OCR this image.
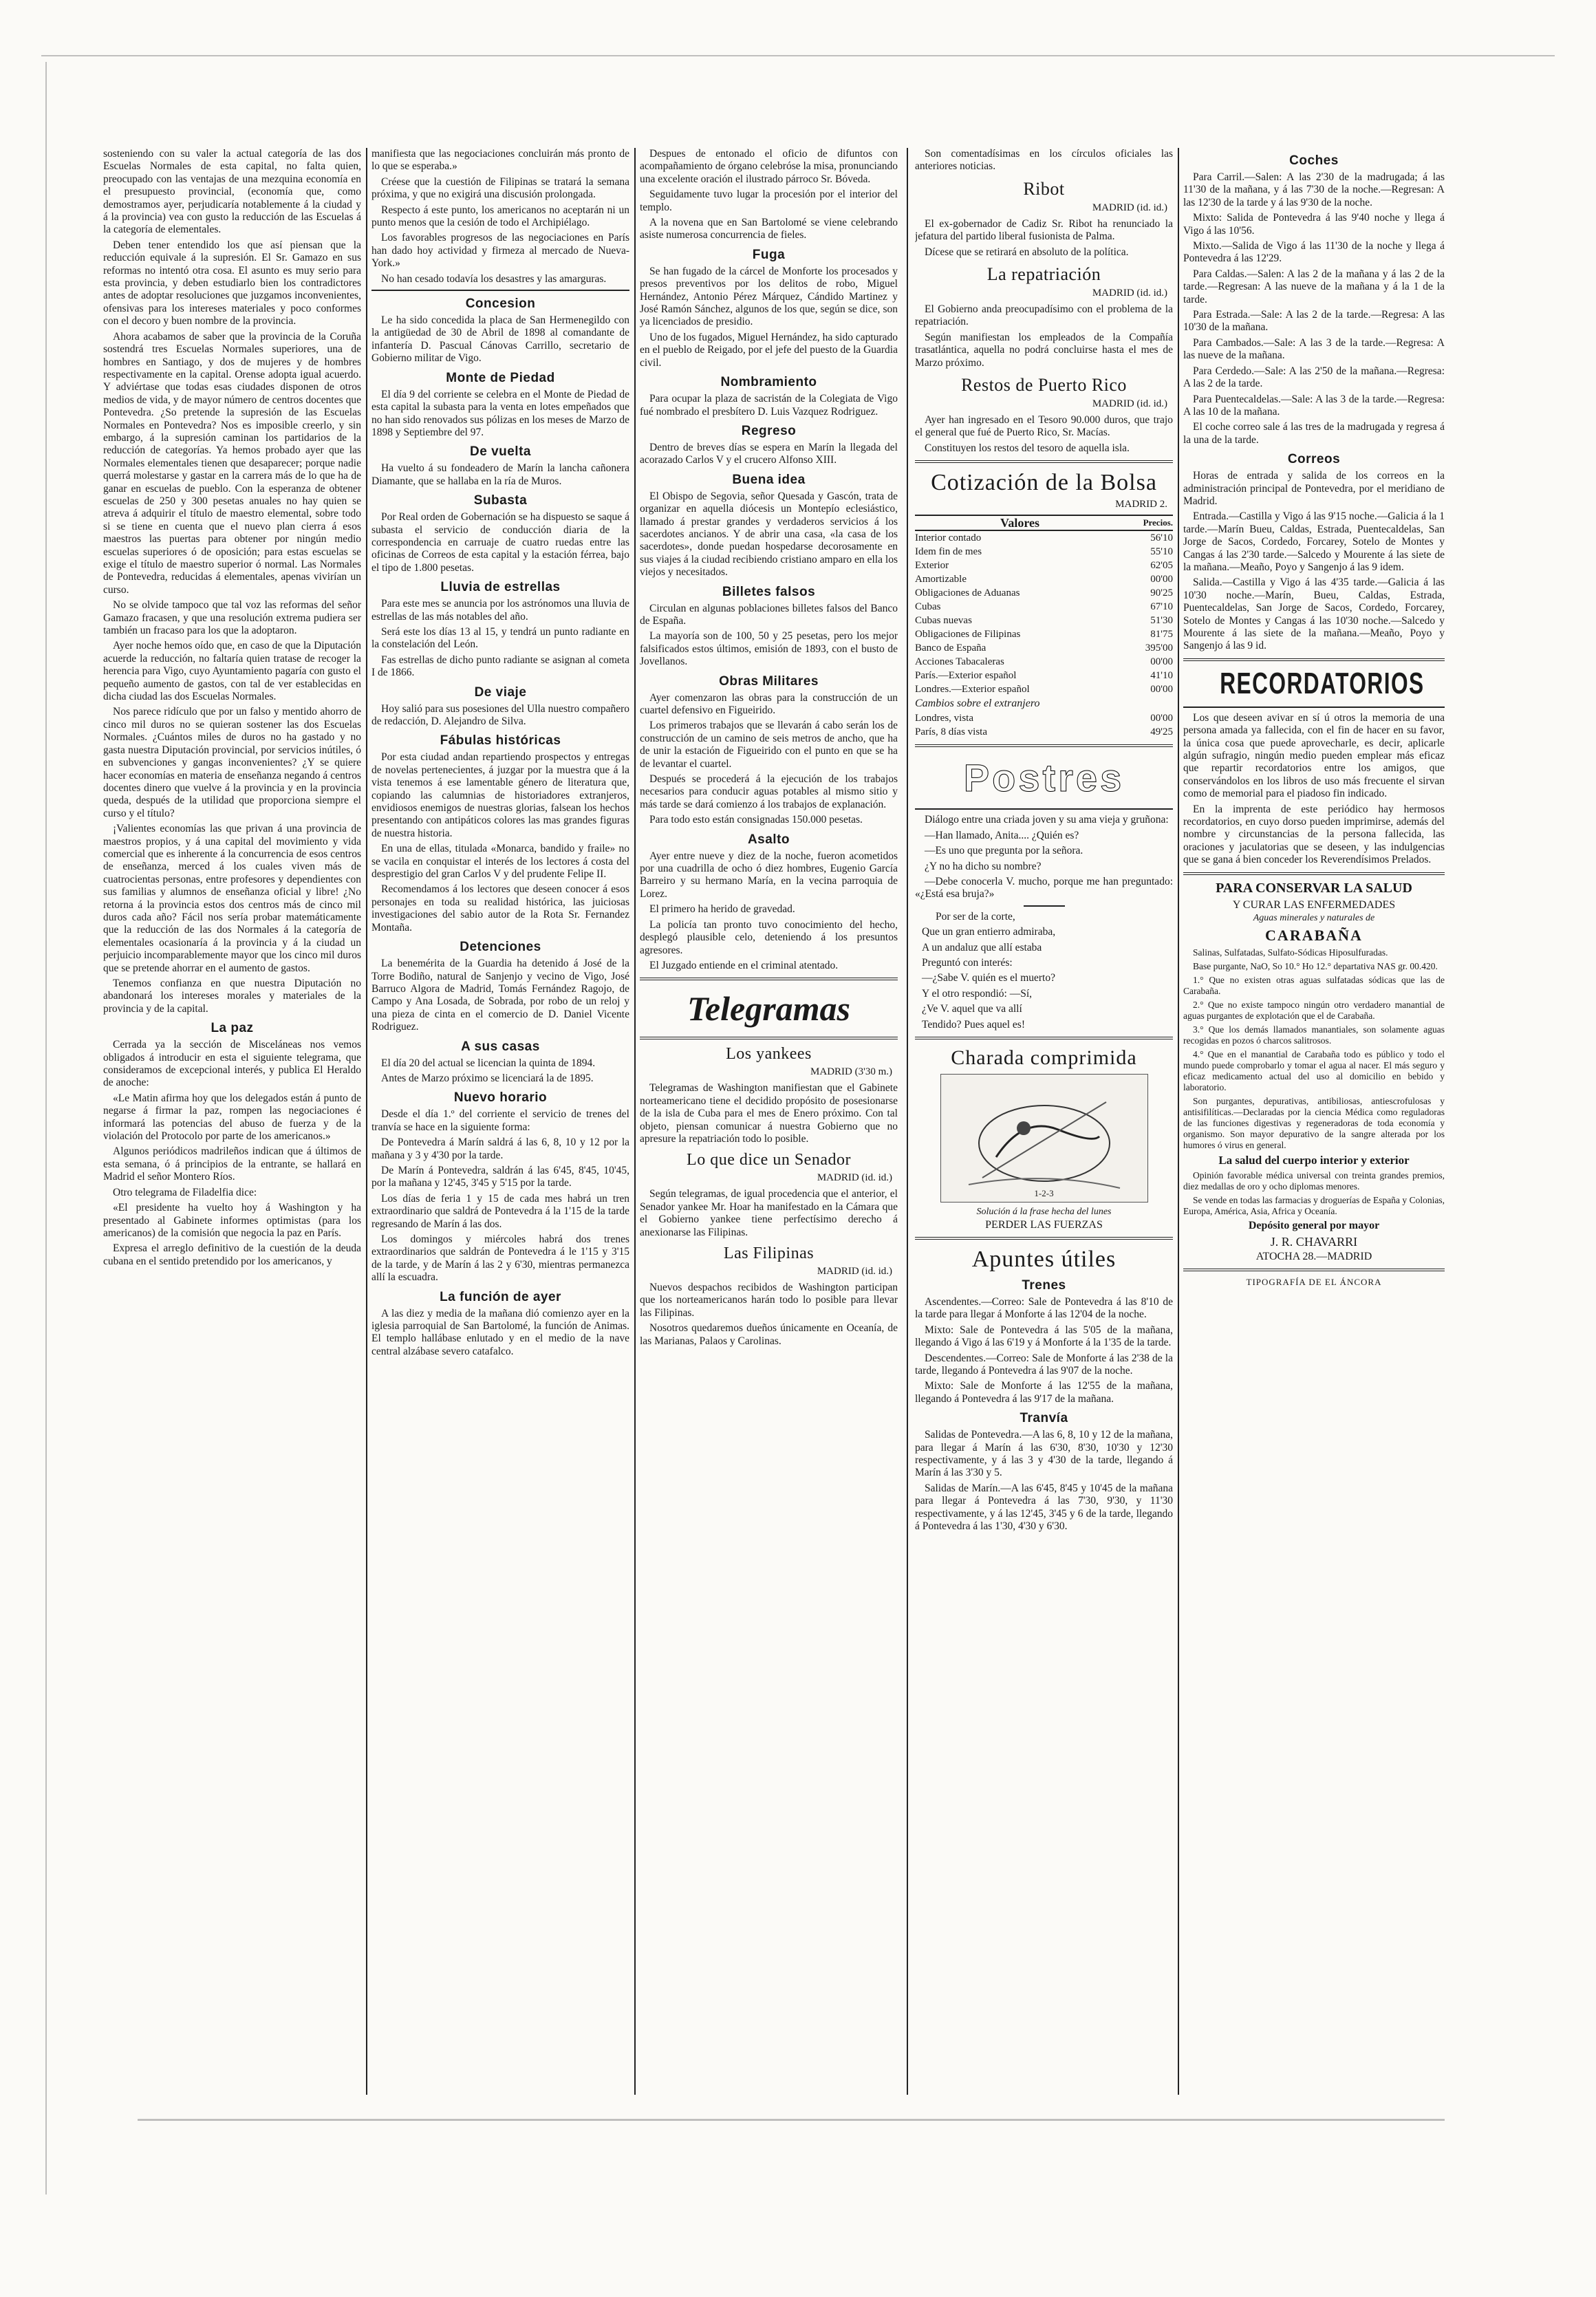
sosteniendo con su valer la actual categoría de las dos Escuelas Normales de esta capital, no falta quien, preocupado con las ventajas de una mezquina economía en el presupuesto provincial, (economía que, como demostramos ayer, perjudicaría notablemente á la ciudad y á la provincia) vea con gusto la reducción de las Escuelas á la categoría de elementales.

Deben tener entendido los que así piensan que la reducción equivale á la supresión. El Sr. Gamazo en sus reformas no intentó otra cosa. El asunto es muy serio para esta provincia, y deben estudiarlo bien los contradictores antes de adoptar resoluciones que juzgamos inconvenientes, ofensivas para los intereses materiales y poco conformes con el decoro y buen nombre de la provincia.

Ahora acabamos de saber que la provincia de la Coruña sostendrá tres Escuelas Normales superiores, una de hombres en Santiago, y dos de mujeres y de hombres respectivamente en la capital. Orense adopta igual acuerdo. Y adviértase que todas esas ciudades disponen de otros medios de vida, y de mayor número de centros docentes que Pontevedra. ¿So pretende la supresión de las Escuelas Normales en Pontevedra? Nos es imposible creerlo, y sin embargo, á la supresión caminan los partidarios de la reducción de categorías. Ya hemos probado ayer que las Normales elementales tienen que desaparecer; porque nadie querrá molestarse y gastar en la carrera más de lo que ha de ganar en escuelas de pueblo. Con la esperanza de obtener escuelas de 250 y 300 pesetas anuales no hay quien se atreva á adquirir el título de maestro elemental, sobre todo si se tiene en cuenta que el nuevo plan cierra á esos maestros las puertas para obtener por ningún medio escuelas superiores ó de oposición; para estas escuelas se exige el título de maestro superior ó normal. Las Normales de Pontevedra, reducidas á elementales, apenas vivirían un curso.

No se olvide tampoco que tal voz las reformas del señor Gamazo fracasen, y que una resolución extrema pudiera ser también un fracaso para los que la adoptaron.

Ayer noche hemos oído que, en caso de que la Diputación acuerde la reducción, no faltaría quien tratase de recoger la herencia para Vigo, cuyo Ayuntamiento pagaría con gusto el pequeño aumento de gastos, con tal de ver establecidas en dicha ciudad las dos Escuelas Normales.

Nos parece ridículo que por un falso y mentido ahorro de cinco mil duros no se quieran sostener las dos Escuelas Normales. ¿Cuántos miles de duros no ha gastado y no gasta nuestra Diputación provincial, por servicios inútiles, ó en subvenciones y gangas inconvenientes? ¿Y se quiere hacer economías en materia de enseñanza negando á centros docentes dinero que vuelve á la provincia y en la provincia queda, después de la utilidad que proporciona siempre el curso y el título?

¡Valientes economías las que privan á una provincia de maestros propios, y á una capital del movimiento y vida comercial que es inherente á la concurrencia de esos centros de enseñanza, merced á los cuales viven más de cuatrocientas personas, entre profesores y dependientes con sus familias y alumnos de enseñanza oficial y libre! ¿No retorna á la provincia estos dos centros más de cinco mil duros cada año? Fácil nos sería probar matemáticamente que la reducción de las dos Normales á la categoría de elementales ocasionaría á la provincia y á la ciudad un perjuicio incomparablemente mayor que los cinco mil duros que se pretende ahorrar en el aumento de gastos.

Tenemos confianza en que nuestra Diputación no abandonará los intereses morales y materiales de la provincia y de la capital.

La paz

Cerrada ya la sección de Misceláneas nos vemos obligados á introducir en esta el siguiente telegrama, que consideramos de excepcional interés, y publica El Heraldo de anoche:

«Le Matin afirma hoy que los delegados están á punto de negarse á firmar la paz, rompen las negociaciones é informará las potencias del abuso de fuerza y de la violación del Protocolo por parte de los americanos.»

Algunos periódicos madrileños indican que á últimos de esta semana, ó á principios de la entrante, se hallará en Madrid el señor Montero Ríos.

Otro telegrama de Filadelfia dice:

«El presidente ha vuelto hoy á Washington y ha presentado al Gabinete informes optimistas (para los americanos) de la comisión que negocia la paz en París.

Expresa el arreglo definitivo de la cuestión de la deuda cubana en el sentido pretendido por los americanos, y

manifiesta que las negociaciones concluirán más pronto de lo que se esperaba.»

Créese que la cuestión de Filipinas se tratará la semana próxima, y que no exigirá una discusión prolongada.

Respecto á este punto, los americanos no aceptarán ni un punto menos que la cesión de todo el Archipiélago.

Los favorables progresos de las negociaciones en París han dado hoy actividad y firmeza al mercado de Nueva-York.»

No han cesado todavía los desastres y las amarguras.

Concesion

Le ha sido concedida la placa de San Hermenegildo con la antigüedad de 30 de Abril de 1898 al comandante de infantería D. Pascual Cánovas Carrillo, secretario de Gobierno militar de Vigo.

Monte de Piedad

El día 9 del corriente se celebra en el Monte de Piedad de esta capital la subasta para la venta en lotes empeñados que no han sido renovados sus pólizas en los meses de Marzo de 1898 y Septiembre del 97.

De vuelta

Ha vuelto á su fondeadero de Marín la lancha cañonera Diamante, que se hallaba en la ría de Muros.

Subasta

Por Real orden de Gobernación se ha dispuesto se saque á subasta el servicio de conducción diaria de la correspondencia en carruaje de cuatro ruedas entre las oficinas de Correos de esta capital y la estación férrea, bajo el tipo de 1.800 pesetas.

Lluvia de estrellas

Para este mes se anuncia por los astrónomos una lluvia de estrellas de las más notables del año.

Será este los días 13 al 15, y tendrá un punto radiante en la constelación del León.

Fas estrellas de dicho punto radiante se asignan al cometa I de 1866.

De viaje

Hoy salió para sus posesiones del Ulla nuestro compañero de redacción, D. Alejandro de Silva.

Fábulas históricas

Por esta ciudad andan repartiendo prospectos y entregas de novelas pertenecientes, á juzgar por la muestra que á la vista tenemos á ese lamentable género de literatura que, copiando las calumnias de historiadores extranjeros, envidiosos enemigos de nuestras glorias, falsean los hechos presentando con antipáticos colores las mas grandes figuras de nuestra historia.

En una de ellas, titulada «Monarca, bandido y fraile» no se vacila en conquistar el interés de los lectores á costa del desprestigio del gran Carlos V y del prudente Felipe II.

Recomendamos á los lectores que deseen conocer á esos personajes en toda su realidad histórica, las juiciosas investigaciones del sabio autor de la Rota Sr. Fernandez Montaña.

Detenciones

La benemérita de la Guardia ha detenido á José de la Torre Bodiño, natural de Sanjenjo y vecino de Vigo, José Barruco Algora de Madrid, Tomás Fernández Ragojo, de Campo y Ana Losada, de Sobrada, por robo de un reloj y una pieza de cinta en el comercio de D. Daniel Vicente Rodriguez.

A sus casas

El día 20 del actual se licencian la quinta de 1894.

Antes de Marzo próximo se licenciará la de 1895.

Nuevo horario

Desde el día 1.º del corriente el servicio de trenes del tranvía se hace en la siguiente forma:

De Pontevedra á Marín saldrá á las 6, 8, 10 y 12 por la mañana y 3 y 4'30 por la tarde.

De Marín á Pontevedra, saldrán á las 6'45, 8'45, 10'45, por la mañana y 12'45, 3'45 y 5'15 por la tarde.

Los días de feria 1 y 15 de cada mes habrá un tren extraordinario que saldrá de Pontevedra á la 1'15 de la tarde regresando de Marín á las dos.

Los domingos y miércoles habrá dos trenes extraordinarios que saldrán de Pontevedra á le 1'15 y 3'15 de la tarde, y de Marín á las 2 y 6'30, mientras permanezca allí la escuadra.

La función de ayer

A las diez y media de la mañana dió comienzo ayer en la iglesia parroquial de San Bartolomé, la función de Animas. El templo hallábase enlutado y en el medio de la nave central alzábase severo catafalco.

Despues de entonado el oficio de difuntos con acompañamiento de órgano celebróse la misa, pronunciando una excelente oración el ilustrado párroco Sr. Bóveda.

Seguidamente tuvo lugar la procesión por el interior del templo.

A la novena que en San Bartolomé se viene celebrando asiste numerosa concurrencia de fieles.

Fuga

Se han fugado de la cárcel de Monforte los procesados y presos preventivos por los delitos de robo, Miguel Hernández, Antonio Pérez Márquez, Cándido Martinez y José Ramón Sánchez, algunos de los que, según se dice, son ya licenciados de presidio.

Uno de los fugados, Miguel Hernández, ha sido capturado en el pueblo de Reigado, por el jefe del puesto de la Guardia civil.

Nombramiento

Para ocupar la plaza de sacristán de la Colegiata de Vigo fué nombrado el presbítero D. Luis Vazquez Rodriguez.

Regreso

Dentro de breves días se espera en Marín la llegada del acorazado Carlos V y el crucero Alfonso XIII.

Buena idea

El Obispo de Segovia, señor Quesada y Gascón, trata de organizar en aquella diócesis un Montepío eclesiástico, llamado á prestar grandes y verdaderos servicios á los sacerdotes ancianos. Y de abrir una casa, «la casa de los sacerdotes», donde puedan hospedarse decorosamente en sus viajes á la ciudad recibiendo cristiano amparo en ella los viejos y necesitados.

Billetes falsos

Circulan en algunas poblaciones billetes falsos del Banco de España.

La mayoría son de 100, 50 y 25 pesetas, pero los mejor falsificados estos últimos, emisión de 1893, con el busto de Jovellanos.

Obras Militares

Ayer comenzaron las obras para la construcción de un cuartel defensivo en Figueirido.

Los primeros trabajos que se llevarán á cabo serán los de construcción de un camino de seis metros de ancho, que ha de unir la estación de Figueirido con el punto en que se ha de levantar el cuartel.

Después se procederá á la ejecución de los trabajos necesarios para conducir aguas potables al mismo sitio y más tarde se dará comienzo á los trabajos de explanación.

Para todo esto están consignadas 150.000 pesetas.

Asalto

Ayer entre nueve y diez de la noche, fueron acometidos por una cuadrilla de ocho ó diez hombres, Eugenio García Barreiro y su hermano María, en la vecina parroquia de Lorez.

El primero ha herido de gravedad.

La policía tan pronto tuvo conocimiento del hecho, desplegó plausible celo, deteniendo á los presuntos agresores.

El Juzgado entiende en el criminal atentado.

Telegramas
Los yankees
MADRID (3'30 m.)

Telegramas de Washington manifiestan que el Gabinete norteamericano tiene el decidido propósito de posesionarse de la isla de Cuba para el mes de Enero próximo. Con tal objeto, piensan comunicar á nuestra Gobierno que no apresure la repatriación todo lo posible.

Lo que dice un Senador
MADRID (id. id.)

Según telegramas, de igual procedencia que el anterior, el Senador yankee Mr. Hoar ha manifestado en la Cámara que el Gobierno yankee tiene perfectísimo derecho á anexionarse las Filipinas.

Las Filipinas
MADRID (id. id.)

Nuevos despachos recibidos de Washington participan que los norteamericanos harán todo lo posible para llevar las Filipinas.

Nosotros quedaremos dueños únicamente en Oceanía, de las Marianas, Palaos y Carolinas.

Son comentadísimas en los círculos oficiales las anteriores noticias.

Ribot
MADRID (id. id.)

El ex-gobernador de Cadiz Sr. Ribot ha renunciado la jefatura del partido liberal fusionista de Palma.

Dícese que se retirará en absoluto de la política.

La repatriación
MADRID (id. id.)

El Gobierno anda preocupadísimo con el problema de la repatriación.

Según manifiestan los empleados de la Compañía trasatlántica, aquella no podrá concluirse hasta el mes de Marzo próximo.

Restos de Puerto Rico
MADRID (id. id.)

Ayer han ingresado en el Tesoro 90.000 duros, que trajo el general que fué de Puerto Rico, Sr. Macías.

Constituyen los restos del tesoro de aquella isla.

Cotización de la Bolsa
MADRID 2.
Valores	Precios.
Interior contado	56'10
Idem fin de mes	55'10
Exterior	62'05
Amortizable	00'00
Obligaciones de Aduanas	90'25
Cubas	67'10
Cubas nuevas	51'30
Obligaciones de Filipinas	81'75
Banco de España	395'00
Acciones Tabacaleras	00'00
París.—Exterior español	41'10
Londres.—Exterior español	00'00
Cambios sobre el extranjero
Londres, vista	00'00
París, 8 días vista	49'25
Postres

Diálogo entre una criada joven y su ama vieja y gruñona:

—Han llamado, Anita.... ¿Quién es?

—Es uno que pregunta por la señora.

¿Y no ha dicho su nombre?

—Debe conocerla V. mucho, porque me han preguntado: «¿Está esa bruja?»

Por ser de la corte,

Que un gran entierro admiraba,

A un andaluz que allí estaba

Preguntó con interés:

—¿Sabe V. quién es el muerto?

Y el otro respondió: —Sí,

¿Ve V. aquel que va allí

Tendido? Pues aquel es!

Charada comprimida
1-2-3
Solución á la frase hecha del lunes
PERDER LAS FUERZAS
Apuntes útiles
Trenes

Ascendentes.—Correo: Sale de Pontevedra á las 8'10 de la tarde para llegar á Monforte á las 12'04 de la noche.

Mixto: Sale de Pontevedra á las 5'05 de la mañana, llegando á Vigo á las 6'19 y á Monforte á la 1'35 de la tarde.

Descendentes.—Correo: Sale de Monforte á las 2'38 de la tarde, llegando á Pontevedra á las 9'07 de la noche.

Mixto: Sale de Monforte á las 12'55 de la mañana, llegando á Pontevedra á las 9'17 de la mañana.

Tranvía

Salidas de Pontevedra.—A las 6, 8, 10 y 12 de la mañana, para llegar á Marín á las 6'30, 8'30, 10'30 y 12'30 respectivamente, y á las 3 y 4'30 de la tarde, llegando á Marín á las 3'30 y 5.

Salidas de Marín.—A las 6'45, 8'45 y 10'45 de la mañana para llegar á Pontevedra á las 7'30, 9'30, y 11'30 respectivamente, y á las 12'45, 3'45 y 6 de la tarde, llegando á Pontevedra á las 1'30, 4'30 y 6'30.

Coches

Para Carril.—Salen: A las 2'30 de la madrugada; á las 11'30 de la mañana, y á las 7'30 de la noche.—Regresan: A las 12'30 de la tarde y á las 9'30 de la noche.

Mixto: Salida de Pontevedra á las 9'40 noche y llega á Vigo á las 10'56.

Mixto.—Salida de Vigo á las 11'30 de la noche y llega á Pontevedra á las 12'29.

Para Caldas.—Salen: A las 2 de la mañana y á las 2 de la tarde.—Regresan: A las nueve de la mañana y á la 1 de la tarde.

Para Estrada.—Sale: A las 2 de la tarde.—Regresa: A las 10'30 de la mañana.

Para Cambados.—Sale: A las 3 de la tarde.—Regresa: A las nueve de la mañana.

Para Cerdedo.—Sale: A las 2'50 de la mañana.—Regresa: A las 2 de la tarde.

Para Puentecaldelas.—Sale: A las 3 de la tarde.—Regresa: A las 10 de la mañana.

El coche correo sale á las tres de la madrugada y regresa á la una de la tarde.

Correos

Horas de entrada y salida de los correos en la administración principal de Pontevedra, por el meridiano de Madrid.

Entrada.—Castilla y Vigo á las 9'15 noche.—Galicia á la 1 tarde.—Marín Bueu, Caldas, Estrada, Puentecaldelas, San Jorge de Sacos, Cordedo, Forcarey, Sotelo de Montes y Cangas á las 2'30 tarde.—Salcedo y Mourente á las siete de la mañana.—Meaño, Poyo y Sangenjo á las 9 idem.

Salida.—Castilla y Vigo á las 4'35 tarde.—Galicia á las 10'30 noche.—Marín, Bueu, Caldas, Estrada, Puentecaldelas, San Jorge de Sacos, Cordedo, Forcarey, Sotelo de Montes y Cangas á las 10'30 noche.—Salcedo y Mourente á las siete de la mañana.—Meaño, Poyo y Sangenjo á las 9 id.

RECORDATORIOS

Los que deseen avivar en sí ú otros la memoria de una persona amada ya fallecida, con el fin de hacer en su favor, la única cosa que puede aprovecharle, es decir, aplicarle algún sufragio, ningún medio pueden emplear más eficaz que repartir recordatorios entre los amigos, que conservándolos en los libros de uso más frecuente el sirvan como de memorial para el piadoso fin indicado.

En la imprenta de este periódico hay hermosos recordatorios, en cuyo dorso pueden imprimirse, además del nombre y circunstancias de la persona fallecida, las oraciones y jaculatorias que se deseen, y las indulgencias que se gana á bien conceder los Reverendísimos Prelados.

PARA CONSERVAR LA SALUD
Y CURAR LAS ENFERMEDADES
Aguas minerales y naturales de
CARABAÑA

Salinas, Sulfatadas, Sulfato-Sódicas Hiposulfuradas.

Base purgante, NaO, So 10.° Ho 12.° departativa NAS gr. 00.420.

1.° Que no existen otras aguas sulfatadas sódicas que las de Carabaña.

2.° Que no existe tampoco ningún otro verdadero manantial de aguas purgantes de explotación que el de Carabaña.

3.° Que los demás llamados manantiales, son solamente aguas recogidas en pozos ó charcos salitrosos.

4.° Que en el manantial de Carabaña todo es público y todo el mundo puede comprobarlo y tomar el agua al nacer. El más seguro y eficaz medicamento actual del uso al domicilio en bebido y laboratorio.

Son purgantes, depurativas, antibiliosas, antiescrofulosas y antisifilíticas.—Declaradas por la ciencia Médica como reguladoras de las funciones digestivas y regeneradoras de toda economía y organismo. Son mayor depurativo de la sangre alterada por los humores ó virus en general.

La salud del cuerpo interior y exterior

Opinión favorable médica universal con treinta grandes premios, diez medallas de oro y ocho diplomas menores.

Se vende en todas las farmacias y droguerías de España y Colonias, Europa, América, Asia, Africa y Oceanía.

Depósito general por mayor
J. R. CHAVARRI
ATOCHA 28.—MADRID
TIPOGRAFÍA DE EL ÁNCORA
